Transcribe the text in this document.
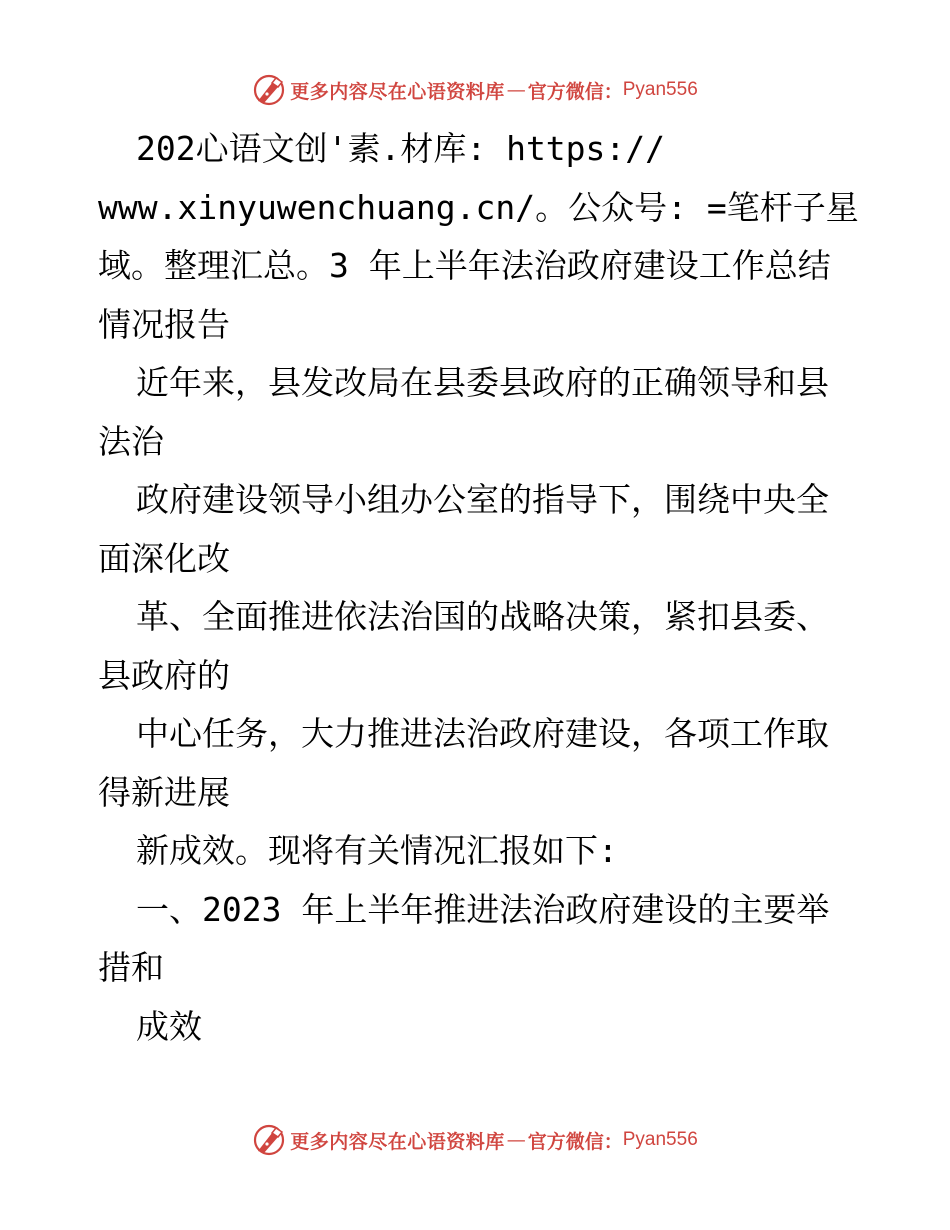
更多内容尽在心语资料库 — 官方微信： Pyan556
202心语文创'素.材库: https://
www.xinyuwenchuang.cn/。公众号: =笔杆子星
域。整理汇总。3 年上半年法治政府建设工作总结
情况报告
近年来，县发改局在县委县政府的正确领导和县
法治
政府建设领导小组办公室的指导下，围绕中央全
面深化改
革、全面推进依法治国的战略决策，紧扣县委、
县政府的
中心任务，大力推进法治政府建设，各项工作取
得新进展
新成效。现将有关情况汇报如下:
一、2023 年上半年推进法治政府建设的主要举
措和
成效
更多内容尽在心语资料库 — 官方微信： Pyan556
